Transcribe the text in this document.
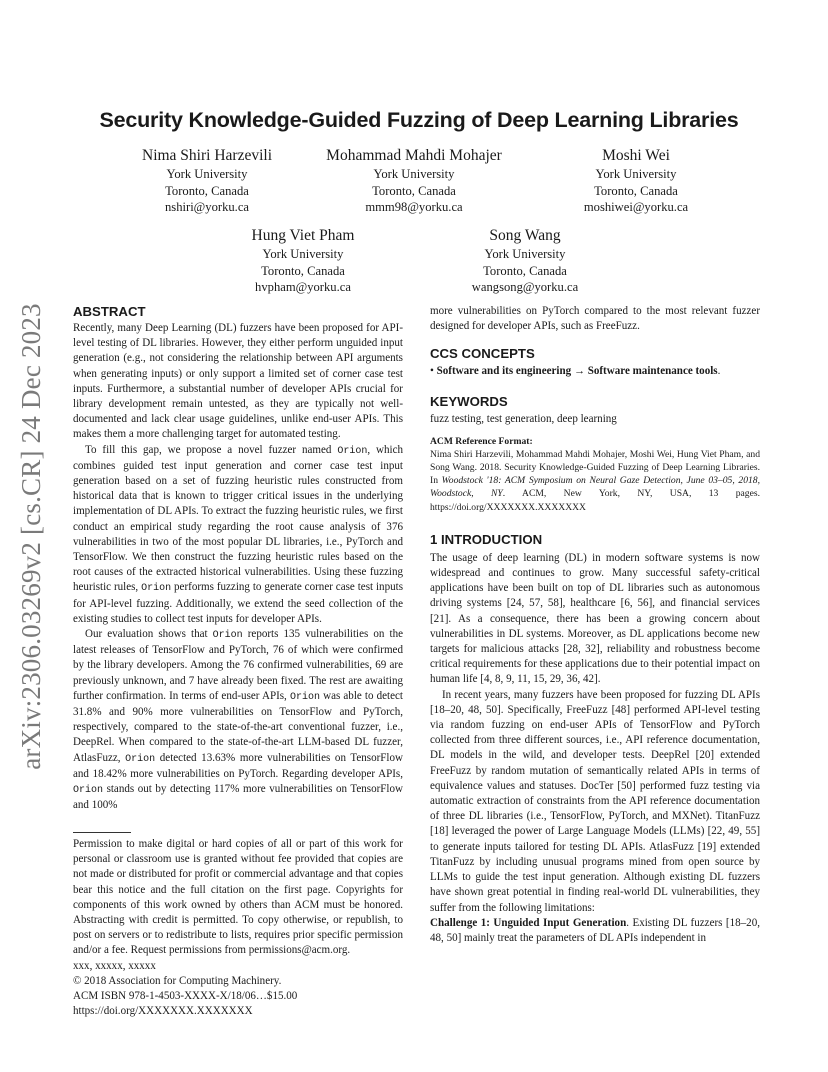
arXiv:2306.03269v2 [cs.CR] 24 Dec 2023
Security Knowledge-Guided Fuzzing of Deep Learning Libraries
Nima Shiri Harzevili
York University
Toronto, Canada
nshiri@yorku.ca
Mohammad Mahdi Mohajer
York University
Toronto, Canada
mmm98@yorku.ca
Moshi Wei
York University
Toronto, Canada
moshiwei@yorku.ca
Hung Viet Pham
York University
Toronto, Canada
hvpham@yorku.ca
Song Wang
York University
Toronto, Canada
wangsong@yorku.ca
ABSTRACT

Recently, many Deep Learning (DL) fuzzers have been proposed for API-level testing of DL libraries. However, they either perform unguided input generation (e.g., not considering the relationship between API arguments when generating inputs) or only support a limited set of corner case test inputs. Furthermore, a substantial number of developer APIs crucial for library development remain untested, as they are typically not well-documented and lack clear usage guidelines, unlike end-user APIs. This makes them a more challenging target for automated testing.

To fill this gap, we propose a novel fuzzer named Orion, which combines guided test input generation and corner case test input generation based on a set of fuzzing heuristic rules constructed from historical data that is known to trigger critical issues in the underlying implementation of DL APIs. To extract the fuzzing heuristic rules, we first conduct an empirical study regarding the root cause analysis of 376 vulnerabilities in two of the most popular DL libraries, i.e., PyTorch and TensorFlow. We then construct the fuzzing heuristic rules based on the root causes of the extracted historical vulnerabilities. Using these fuzzing heuristic rules, Orion performs fuzzing to generate corner case test inputs for API-level fuzzing. Additionally, we extend the seed collection of the existing studies to collect test inputs for developer APIs.

Our evaluation shows that Orion reports 135 vulnerabilities on the latest releases of TensorFlow and PyTorch, 76 of which were confirmed by the library developers. Among the 76 confirmed vulnerabilities, 69 are previously unknown, and 7 have already been fixed. The rest are awaiting further confirmation. In terms of end-user APIs, Orion was able to detect 31.8% and 90% more vulnerabilities on TensorFlow and PyTorch, respectively, compared to the state-of-the-art conventional fuzzer, i.e., DeepRel. When compared to the state-of-the-art LLM-based DL fuzzer, AtlasFuzz, Orion detected 13.63% more vulnerabilities on TensorFlow and 18.42% more vulnerabilities on PyTorch. Regarding developer APIs, Orion stands out by detecting 117% more vulnerabilities on TensorFlow and 100%

Permission to make digital or hard copies of all or part of this work for personal or classroom use is granted without fee provided that copies are not made or distributed for profit or commercial advantage and that copies bear this notice and the full citation on the first page. Copyrights for components of this work owned by others than ACM must be honored. Abstracting with credit is permitted. To copy otherwise, or republish, to post on servers or to redistribute to lists, requires prior specific permission and/or a fee. Request permissions from permissions@acm.org.

xxx, xxxxx, xxxxx

© 2018 Association for Computing Machinery.

ACM ISBN 978-1-4503-XXXX-X/18/06…$15.00

https://doi.org/XXXXXXX.XXXXXXX

more vulnerabilities on PyTorch compared to the most relevant fuzzer designed for developer APIs, such as FreeFuzz.

CCS CONCEPTS

• Software and its engineering → Software maintenance tools.

KEYWORDS

fuzz testing, test generation, deep learning

ACM Reference Format:

Nima Shiri Harzevili, Mohammad Mahdi Mohajer, Moshi Wei, Hung Viet Pham, and Song Wang. 2018. Security Knowledge-Guided Fuzzing of Deep Learning Libraries. In Woodstock '18: ACM Symposium on Neural Gaze Detection, June 03–05, 2018, Woodstock, NY. ACM, New York, NY, USA, 13 pages. https://doi.org/XXXXXXX.XXXXXXX

1 INTRODUCTION

The usage of deep learning (DL) in modern software systems is now widespread and continues to grow. Many successful safety-critical applications have been built on top of DL libraries such as autonomous driving systems [24, 57, 58], healthcare [6, 56], and financial services [21]. As a consequence, there has been a growing concern about vulnerabilities in DL systems. Moreover, as DL applications become new targets for malicious attacks [28, 32], reliability and robustness become critical requirements for these applications due to their potential impact on human life [4, 8, 9, 11, 15, 29, 36, 42].

In recent years, many fuzzers have been proposed for fuzzing DL APIs [18–20, 48, 50]. Specifically, FreeFuzz [48] performed API-level testing via random fuzzing on end-user APIs of TensorFlow and PyTorch collected from three different sources, i.e., API reference documentation, DL models in the wild, and developer tests. DeepRel [20] extended FreeFuzz by random mutation of semantically related APIs in terms of equivalence values and statuses. DocTer [50] performed fuzz testing via automatic extraction of constraints from the API reference documentation of three DL libraries (i.e., TensorFlow, PyTorch, and MXNet). TitanFuzz [18] leveraged the power of Large Language Models (LLMs) [22, 49, 55] to generate inputs tailored for testing DL APIs. AtlasFuzz [19] extended TitanFuzz by including unusual programs mined from open source by LLMs to guide the test input generation. Although existing DL fuzzers have shown great potential in finding real-world DL vulnerabilities, they suffer from the following limitations:

Challenge 1: Unguided Input Generation. Existing DL fuzzers [18–20, 48, 50] mainly treat the parameters of DL APIs independent in
